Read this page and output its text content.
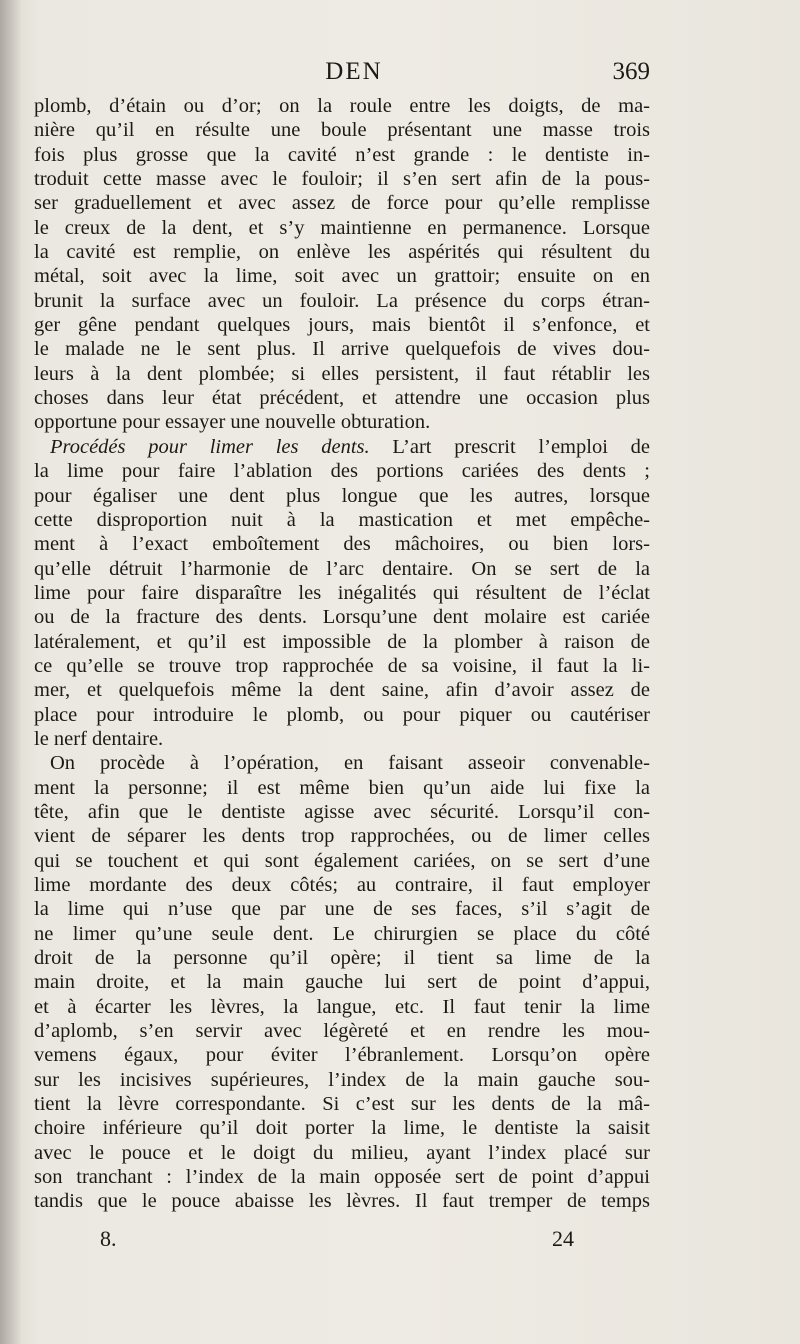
DEN	369
plomb, d’étain ou d’or; on la roule entre les doigts, de ma-
nière qu’il en résulte une boule présentant une masse trois
fois plus grosse que la cavité n’est grande : le dentiste in-
troduit cette masse avec le fouloir; il s’en sert afin de la pous-
ser graduellement et avec assez de force pour qu’elle remplisse
le creux de la dent, et s’y maintienne en permanence. Lorsque
la cavité est remplie, on enlève les aspérités qui résultent du
métal, soit avec la lime, soit avec un grattoir; ensuite on en
brunit la surface avec un fouloir. La présence du corps étran-
ger gêne pendant quelques jours, mais bientôt il s’enfonce, et
le malade ne le sent plus. Il arrive quelquefois de vives dou-
leurs à la dent plombée; si elles persistent, il faut rétablir les
choses dans leur état précédent, et attendre une occasion plus
opportune pour essayer une nouvelle obturation.
Procédés pour limer les dents. L’art prescrit l’emploi de
la lime pour faire l’ablation des portions cariées des dents ;
pour égaliser une dent plus longue que les autres, lorsque
cette disproportion nuit à la mastication et met empêche-
ment à l’exact emboîtement des mâchoires, ou bien lors-
qu’elle détruit l’harmonie de l’arc dentaire. On se sert de la
lime pour faire disparaître les inégalités qui résultent de l’éclat
ou de la fracture des dents. Lorsqu’une dent molaire est cariée
latéralement, et qu’il est impossible de la plomber à raison de
ce qu’elle se trouve trop rapprochée de sa voisine, il faut la li-
mer, et quelquefois même la dent saine, afin d’avoir assez de
place pour introduire le plomb, ou pour piquer ou cautériser
le nerf dentaire.
On procède à l’opération, en faisant asseoir convenable-
ment la personne; il est même bien qu’un aide lui fixe la
tête, afin que le dentiste agisse avec sécurité. Lorsqu’il con-
vient de séparer les dents trop rapprochées, ou de limer celles
qui se touchent et qui sont également cariées, on se sert d’une
lime mordante des deux côtés; au contraire, il faut employer
la lime qui n’use que par une de ses faces, s’il s’agit de
ne limer qu’une seule dent. Le chirurgien se place du côté
droit de la personne qu’il opère; il tient sa lime de la
main droite, et la main gauche lui sert de point d’appui,
et à écarter les lèvres, la langue, etc. Il faut tenir la lime
d’aplomb, s’en servir avec légèreté et en rendre les mou-
vemens égaux, pour éviter l’ébranlement. Lorsqu’on opère
sur les incisives supérieures, l’index de la main gauche sou-
tient la lèvre correspondante. Si c’est sur les dents de la mâ-
choire inférieure qu’il doit porter la lime, le dentiste la saisit
avec le pouce et le doigt du milieu, ayant l’index placé sur
son tranchant : l’index de la main opposée sert de point d’appui
tandis que le pouce abaisse les lèvres. Il faut tremper de temps
8.	24
